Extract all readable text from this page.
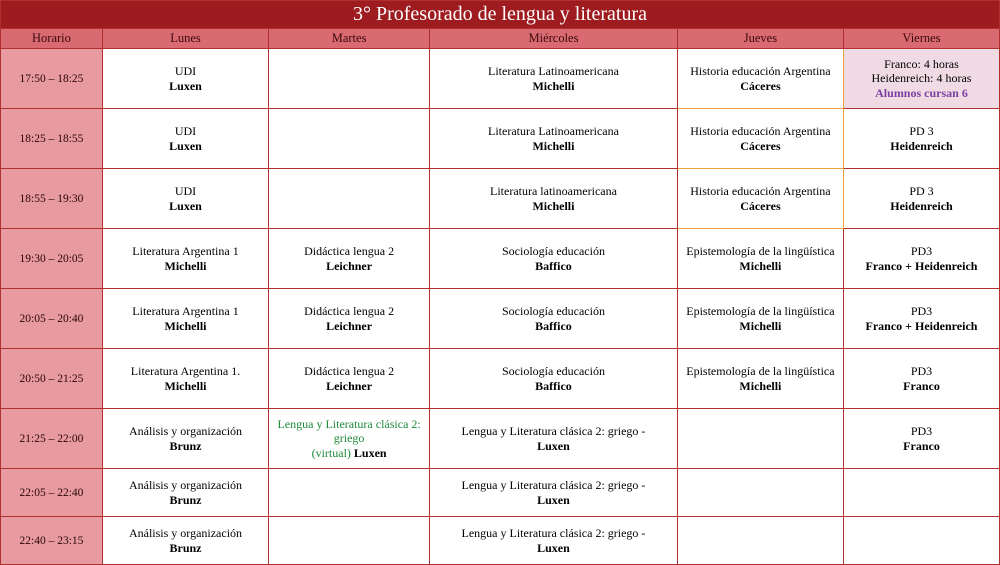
3° Profesorado de lengua y literatura					
Horario	Lunes	Martes	Miércoles	Jueves	Viernes
17:50 – 18:25	UDI
Luxen		Literatura Latinoamericana
Michelli	Historia educación Argentina
Cáceres	Franco: 4 horas
Heidenreich: 4 horas
Alumnos cursan 6

18:25 – 18:55	UDI
Luxen		Literatura Latinoamericana
Michelli	Historia educación Argentina
Cáceres	PD 3
Heidenreich

18:55 – 19:30	UDI
Luxen		Literatura latinoamericana
Michelli	Historia educación Argentina
Cáceres	PD 3
Heidenreich

19:30 – 20:05	Literatura Argentina 1
Michelli	Didáctica lengua 2
Leichner	Sociología educación
Baffico	Epistemología de la lingüística
Michelli	PD3
Franco + Heidenreich

20:05 – 20:40	Literatura Argentina 1
Michelli	Didáctica lengua 2
Leichner	Sociología educación
Baffico	Epistemología de la lingüística
Michelli	PD3
Franco + Heidenreich

20:50 – 21:25	Literatura Argentina 1.
Michelli	Didáctica lengua 2
Leichner	Sociología educación
Baffico	Epistemología de la lingüística
Michelli	PD3
Franco

21:25 – 22:00	Análisis y organización
Brunz	Lengua y Literatura clásica 2: griego
(virtual) Luxen	Lengua y Literatura clásica 2: griego -
Luxen		PD3
Franco

22:05 – 22:40	Análisis y organización
Brunz		Lengua y Literatura clásica 2: griego -
Luxen		

22:40 – 23:15	Análisis y organización
Brunz		Lengua y Literatura clásica 2: griego -
Luxen		
